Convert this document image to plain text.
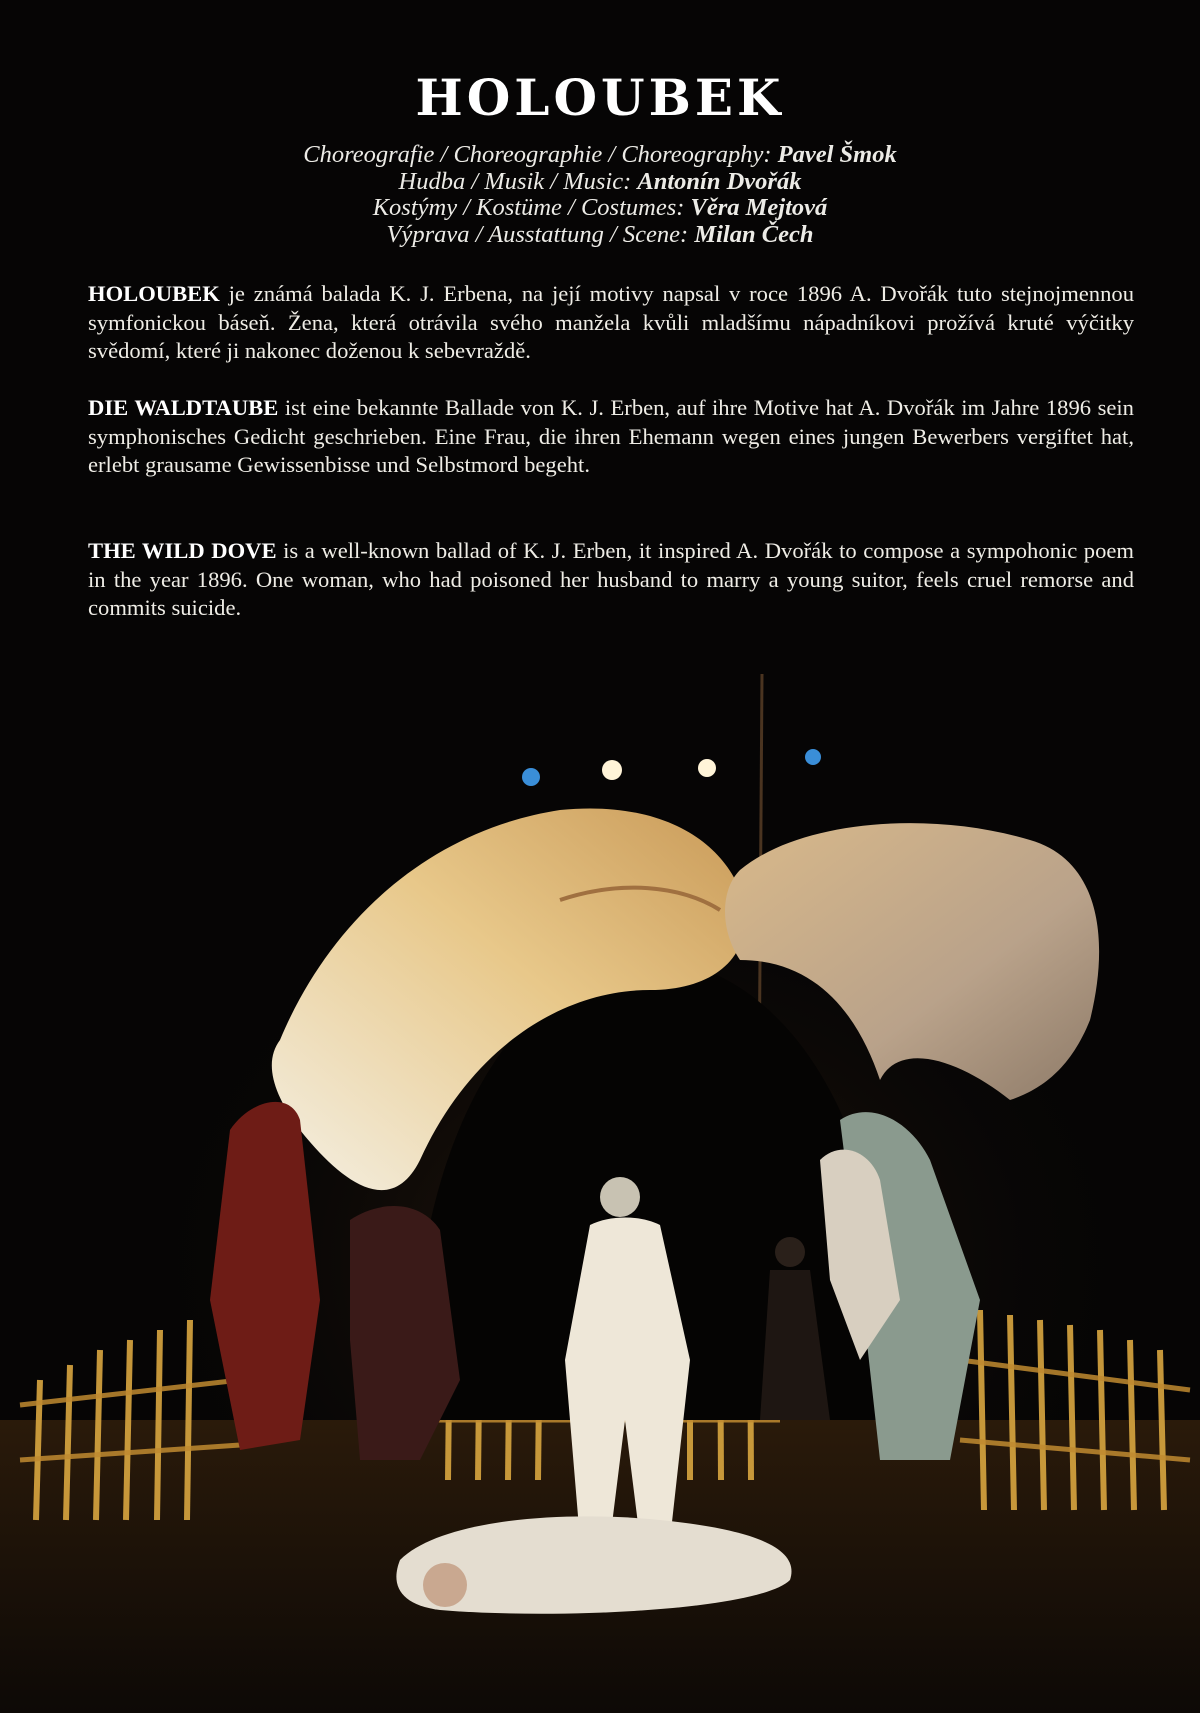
HOLOUBEK
Choreografie / Choreographie / Choreography: Pavel Šmok
Hudba / Musik / Music: Antonín Dvořák
Kostýmy / Kostüme / Costumes: Věra Mejtová
Výprava / Ausstattung / Scene: Milan Čech

HOLOUBEK je známá balada K. J. Erbena, na její motivy napsal v roce 1896 A. Dvořák tuto stejnojmennou symfonickou báseň. Žena, která otrávila svého manžela kvůli mladšímu nápadníkovi prožívá kruté výčitky svědomí, které ji nakonec doženou k sebevraždě.

DIE WALDTAUBE ist eine bekannte Ballade von K. J. Erben, auf ihre Motive hat A. Dvořák im Jahre 1896 sein symphonisches Gedicht geschrieben. Eine Frau, die ihren Ehemann wegen eines jungen Bewerbers vergiftet hat, erlebt grausame Gewissenbisse und Selbstmord begeht.

THE WILD DOVE is a well-known ballad of K. J. Erben, it inspired A. Dvořák to compose a sympohonic poem in the year 1896. One woman, who had poisoned her husband to marry a young suitor, feels cruel remorse and commits suicide.
